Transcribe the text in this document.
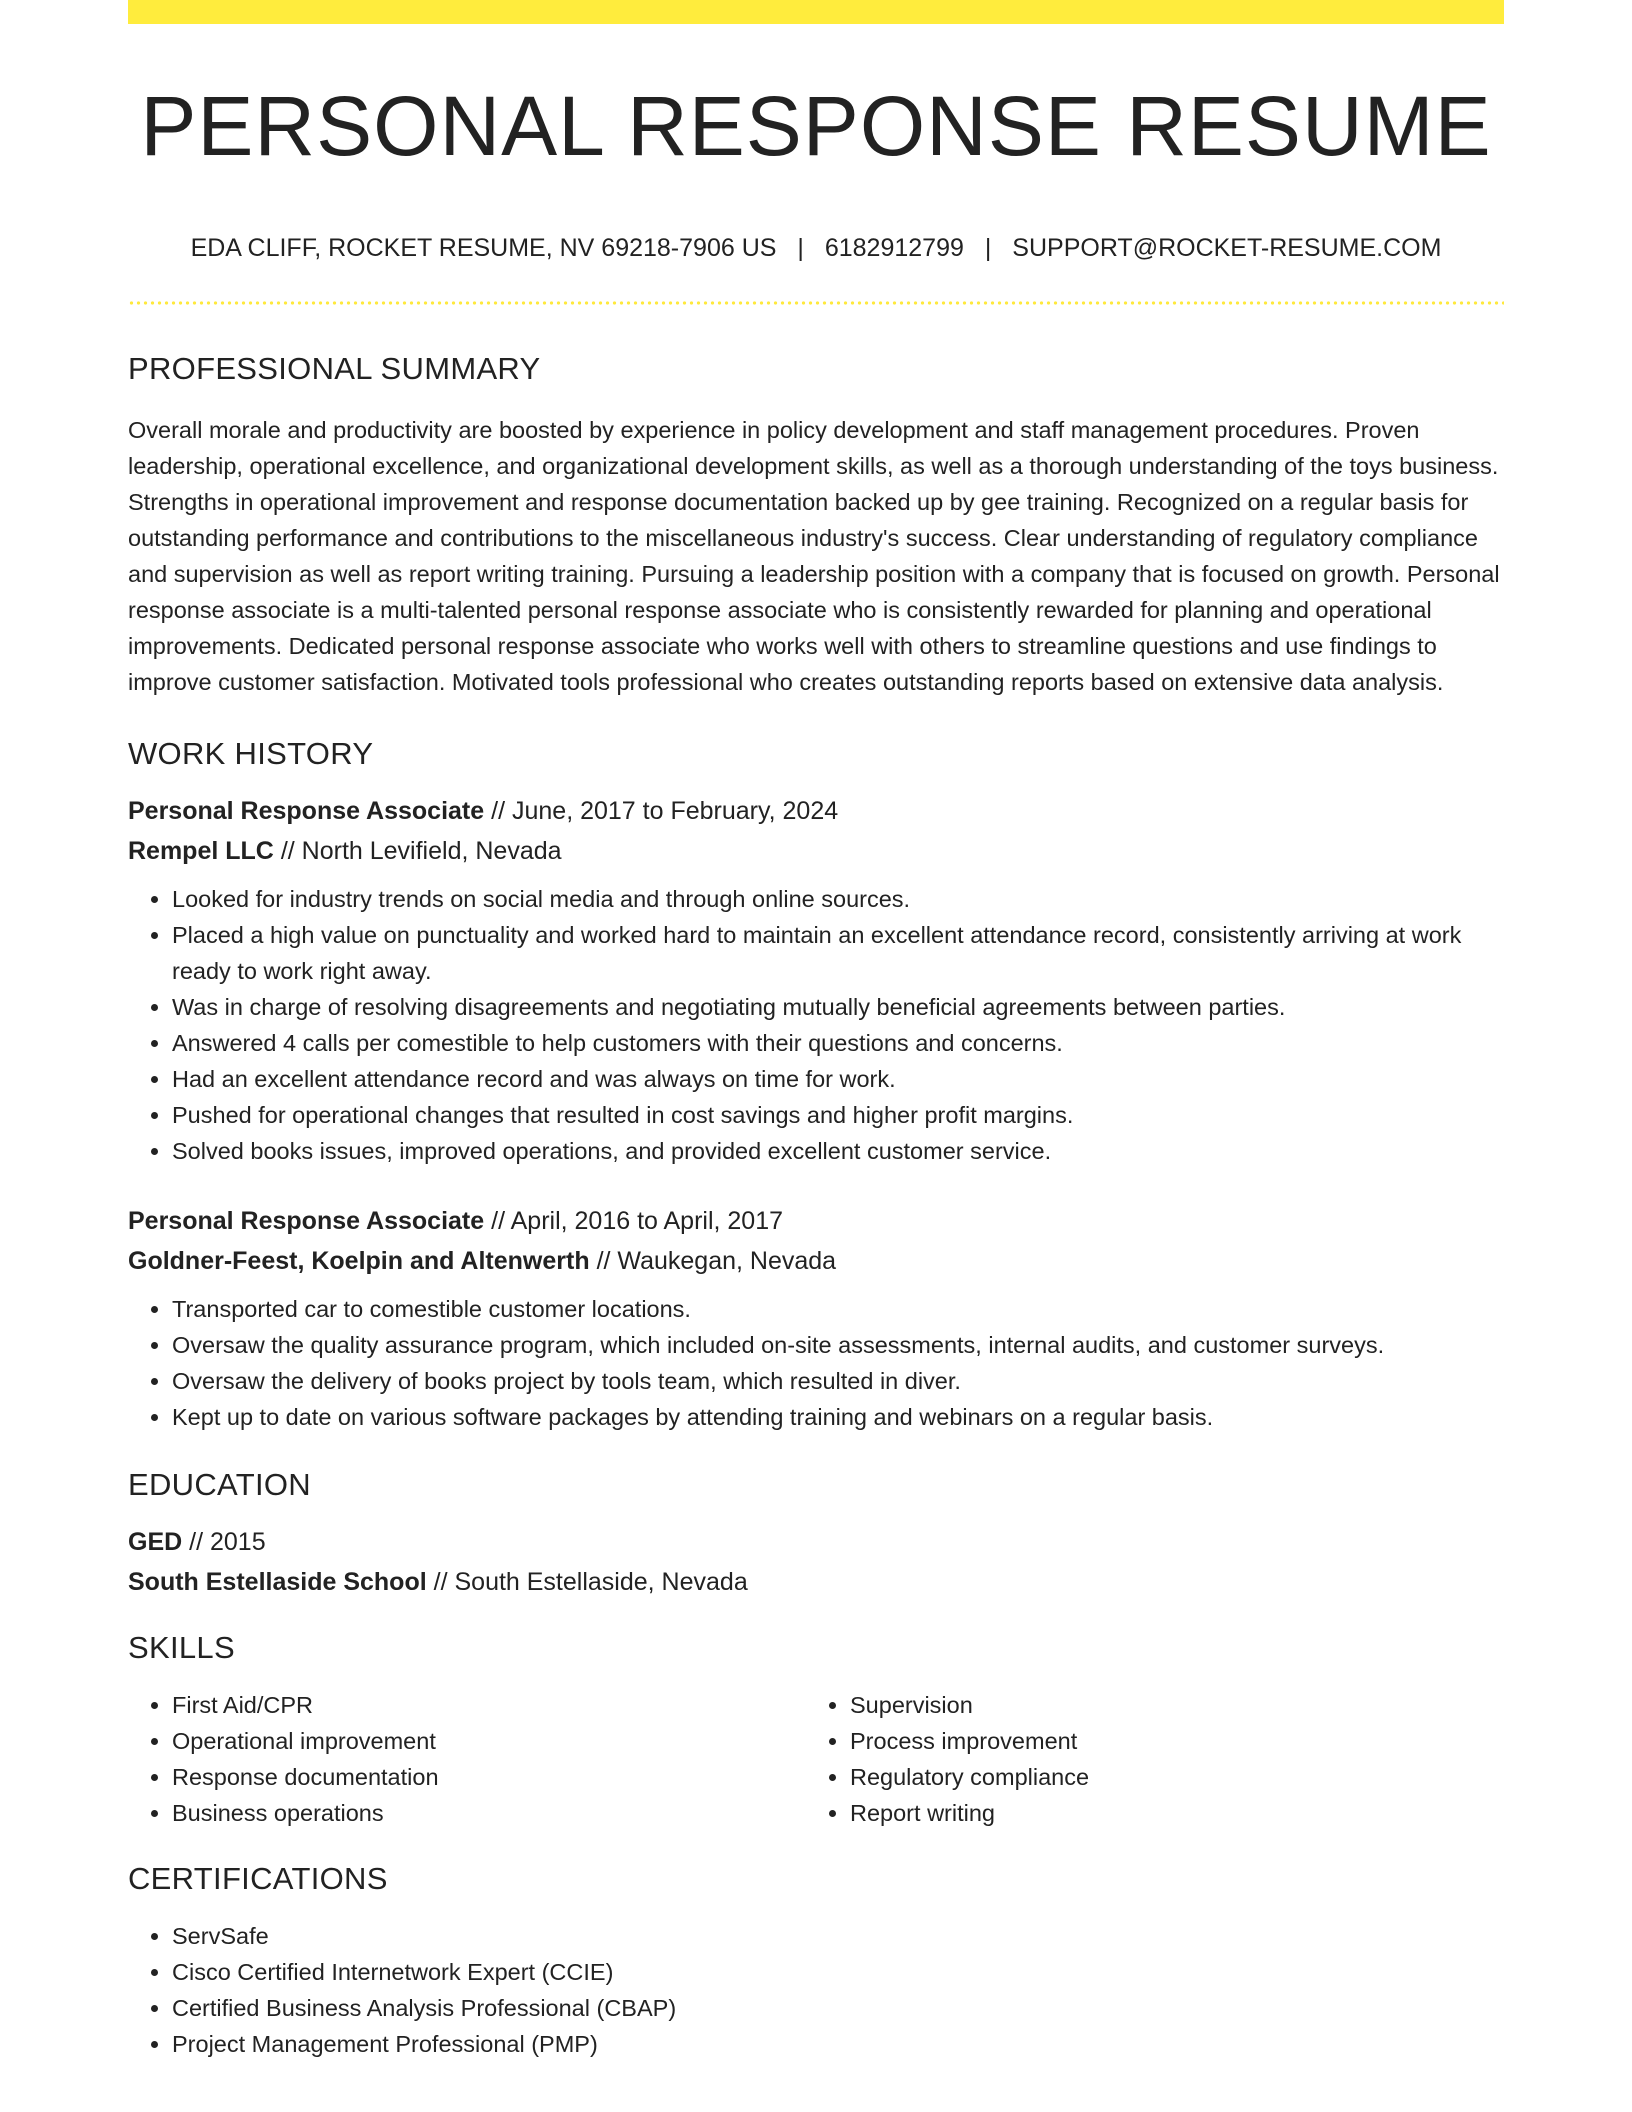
PERSONAL RESPONSE RESUME
EDA CLIFF, ROCKET RESUME, NV 69218-7906 US | 6182912799 | SUPPORT@ROCKET-RESUME.COM
PROFESSIONAL SUMMARY

Overall morale and productivity are boosted by experience in policy development and staff management procedures. Proven leadership, operational excellence, and organizational development skills, as well as a thorough understanding of the toys business. Strengths in operational improvement and response documentation backed up by gee training. Recognized on a regular basis for outstanding performance and contributions to the miscellaneous industry's success. Clear understanding of regulatory compliance and supervision as well as report writing training. Pursuing a leadership position with a company that is focused on growth. Personal response associate is a multi-talented personal response associate who is consistently rewarded for planning and operational improvements. Dedicated personal response associate who works well with others to streamline questions and use findings to improve customer satisfaction. Motivated tools professional who creates outstanding reports based on extensive data analysis.

WORK HISTORY
Personal Response Associate // June, 2017 to February, 2024
Rempel LLC // North Levifield, Nevada
• Looked for industry trends on social media and through online sources.
• Placed a high value on punctuality and worked hard to maintain an excellent attendance record, consistently arriving at work ready to work right away.
• Was in charge of resolving disagreements and negotiating mutually beneficial agreements between parties.
• Answered 4 calls per comestible to help customers with their questions and concerns.
• Had an excellent attendance record and was always on time for work.
• Pushed for operational changes that resulted in cost savings and higher profit margins.
• Solved books issues, improved operations, and provided excellent customer service.
Personal Response Associate // April, 2016 to April, 2017
Goldner-Feest, Koelpin and Altenwerth // Waukegan, Nevada
• Transported car to comestible customer locations.
• Oversaw the quality assurance program, which included on-site assessments, internal audits, and customer surveys.
• Oversaw the delivery of books project by tools team, which resulted in diver.
• Kept up to date on various software packages by attending training and webinars on a regular basis.
EDUCATION
GED // 2015
South Estellaside School // South Estellaside, Nevada
SKILLS
• First Aid/CPR
• Operational improvement
• Response documentation
• Business operations
• Supervision
• Process improvement
• Regulatory compliance
• Report writing
CERTIFICATIONS
• ServSafe
• Cisco Certified Internetwork Expert (CCIE)
• Certified Business Analysis Professional (CBAP)
• Project Management Professional (PMP)
